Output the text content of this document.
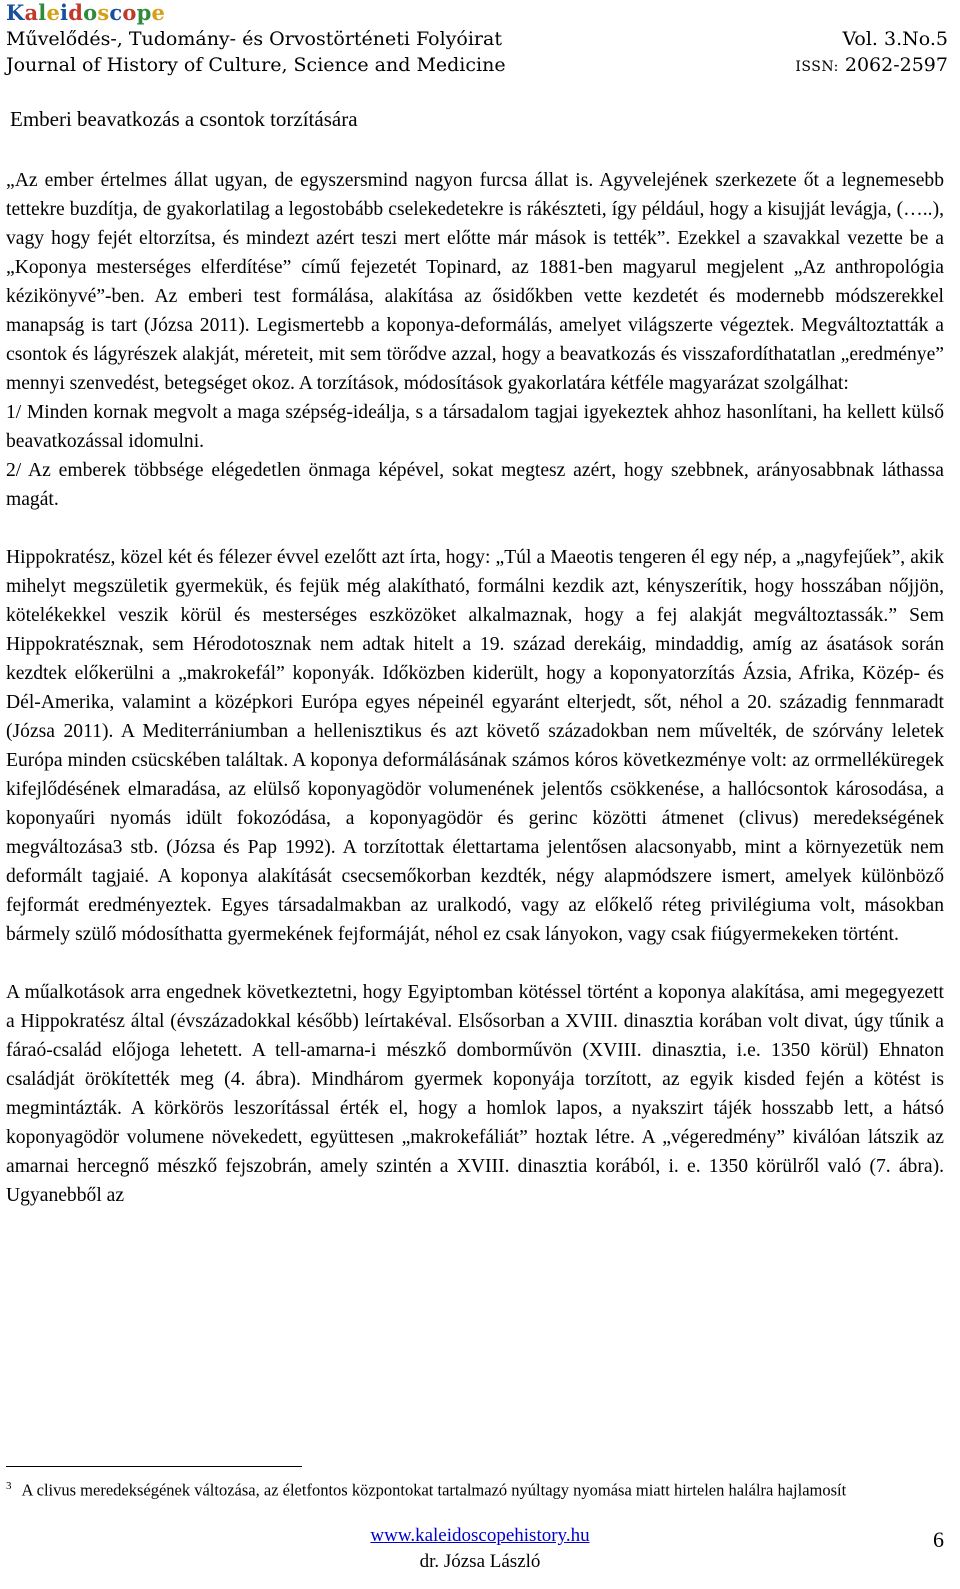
Kaleidoscope
Művelődés-, Tudomány- és Orvostörténeti Folyóirat	Vol. 3.No.5
Journal of History of Culture, Science and Medicine	ISSN: 2062-2597
Emberi beavatkozás a csontok torzítására

„Az ember értelmes állat ugyan, de egyszersmind nagyon furcsa állat is. Agyvelejének szerkezete őt a legnemesebb tettekre buzdítja, de gyakorlatilag a legostobább cselekedetekre is rákészteti, így például, hogy a kisujját levágja, (…..), vagy hogy fejét eltorzítsa, és mindezt azért teszi mert előtte már mások is tették”. Ezekkel a szavakkal vezette be a „Koponya mesterséges elferdítése” című fejezetét Topinard, az 1881-ben magyarul megjelent „Az anthropológia kézikönyvé”-ben. Az emberi test formálása, alakítása az ősidőkben vette kezdetét és modernebb módszerekkel manapság is tart (Józsa 2011). Legismertebb a koponya-deformálás, amelyet világszerte végeztek. Megváltoztatták a csontok és lágyrészek alakját, méreteit, mit sem törődve azzal, hogy a beavatkozás és visszafordíthatatlan „eredménye” mennyi szenvedést, betegséget okoz. A torzítások, módosítások gyakorlatára kétféle magyarázat szolgálhat:

1/ Minden kornak megvolt a maga szépség-ideálja, s a társadalom tagjai igyekeztek ahhoz hasonlítani, ha kellett külső beavatkozással idomulni.

2/ Az emberek többsége elégedetlen önmaga képével, sokat megtesz azért, hogy szebbnek, arányosabbnak láthassa magát.

Hippokratész, közel két és félezer évvel ezelőtt azt írta, hogy: „Túl a Maeotis tengeren él egy nép, a „nagyfejűek”, akik mihelyt megszületik gyermekük, és fejük még alakítható, formálni kezdik azt, kényszerítik, hogy hosszában nőjjön, kötelékekkel veszik körül és mesterséges eszközöket alkalmaznak, hogy a fej alakját megváltoztassák.” Sem Hippokratésznak, sem Hérodotosznak nem adtak hitelt a 19. század derekáig, mindaddig, amíg az ásatások során kezdtek előkerülni a „makrokefál” koponyák. Időközben kiderült, hogy a koponyatorzítás Ázsia, Afrika, Közép- és Dél-Amerika, valamint a középkori Európa egyes népeinél egyaránt elterjedt, sőt, néhol a 20. századig fennmaradt (Józsa 2011). A Mediterrániumban a hellenisztikus és azt követő századokban nem művelték, de szórvány leletek Európa minden csücskében találtak. A koponya deformálásának számos kóros következménye volt: az orrmelléküregek kifejlődésének elmaradása, az elülső koponyagödör volumenének jelentős csökkenése, a hallócsontok károsodása, a koponyaűri nyomás idült fokozódása, a koponyagödör és gerinc közötti átmenet (clivus) meredekségének megváltozása3 stb. (Józsa és Pap 1992). A torzítottak élettartama jelentősen alacsonyabb, mint a környezetük nem deformált tagjaié. A koponya alakítását csecsemőkorban kezdték, négy alapmódszere ismert, amelyek különböző fejformát eredményeztek. Egyes társadalmakban az uralkodó, vagy az előkelő réteg privilégiuma volt, másokban bármely szülő módosíthatta gyermekének fejformáját, néhol ez csak lányokon, vagy csak fiúgyermekeken történt.

A műalkotások arra engednek következtetni, hogy Egyiptomban kötéssel történt a koponya alakítása, ami megegyezett a Hippokratész által (évszázadokkal később) leírtakéval. Elsősorban a XVIII. dinasztia korában volt divat, úgy tűnik a fáraó-család előjoga lehetett. A tell-amarna-i mészkő domborművön (XVIII. dinasztia, i.e. 1350 körül) Ehnaton családját örökítették meg (4. ábra). Mindhárom gyermek koponyája torzított, az egyik kisded fején a kötést is megmintázták. A körkörös leszorítással érték el, hogy a homlok lapos, a nyakszirt tájék hosszabb lett, a hátsó koponyagödör volumene növekedett, együttesen „makrokefáliát” hoztak létre. A „végeredmény” kiválóan látszik az amarnai hercegnő mészkő fejszobrán, amely szintén a XVIII. dinasztia korából, i. e. 1350 körülről való (7. ábra). Ugyanebből az

$^3$ A clivus meredekségének változása, az életfontos központokat tartalmazó nyúltagy nyomása miatt hirtelen halálra hajlamosít
www.kaleidoscopehistory.hu
dr. Józsa László
6
